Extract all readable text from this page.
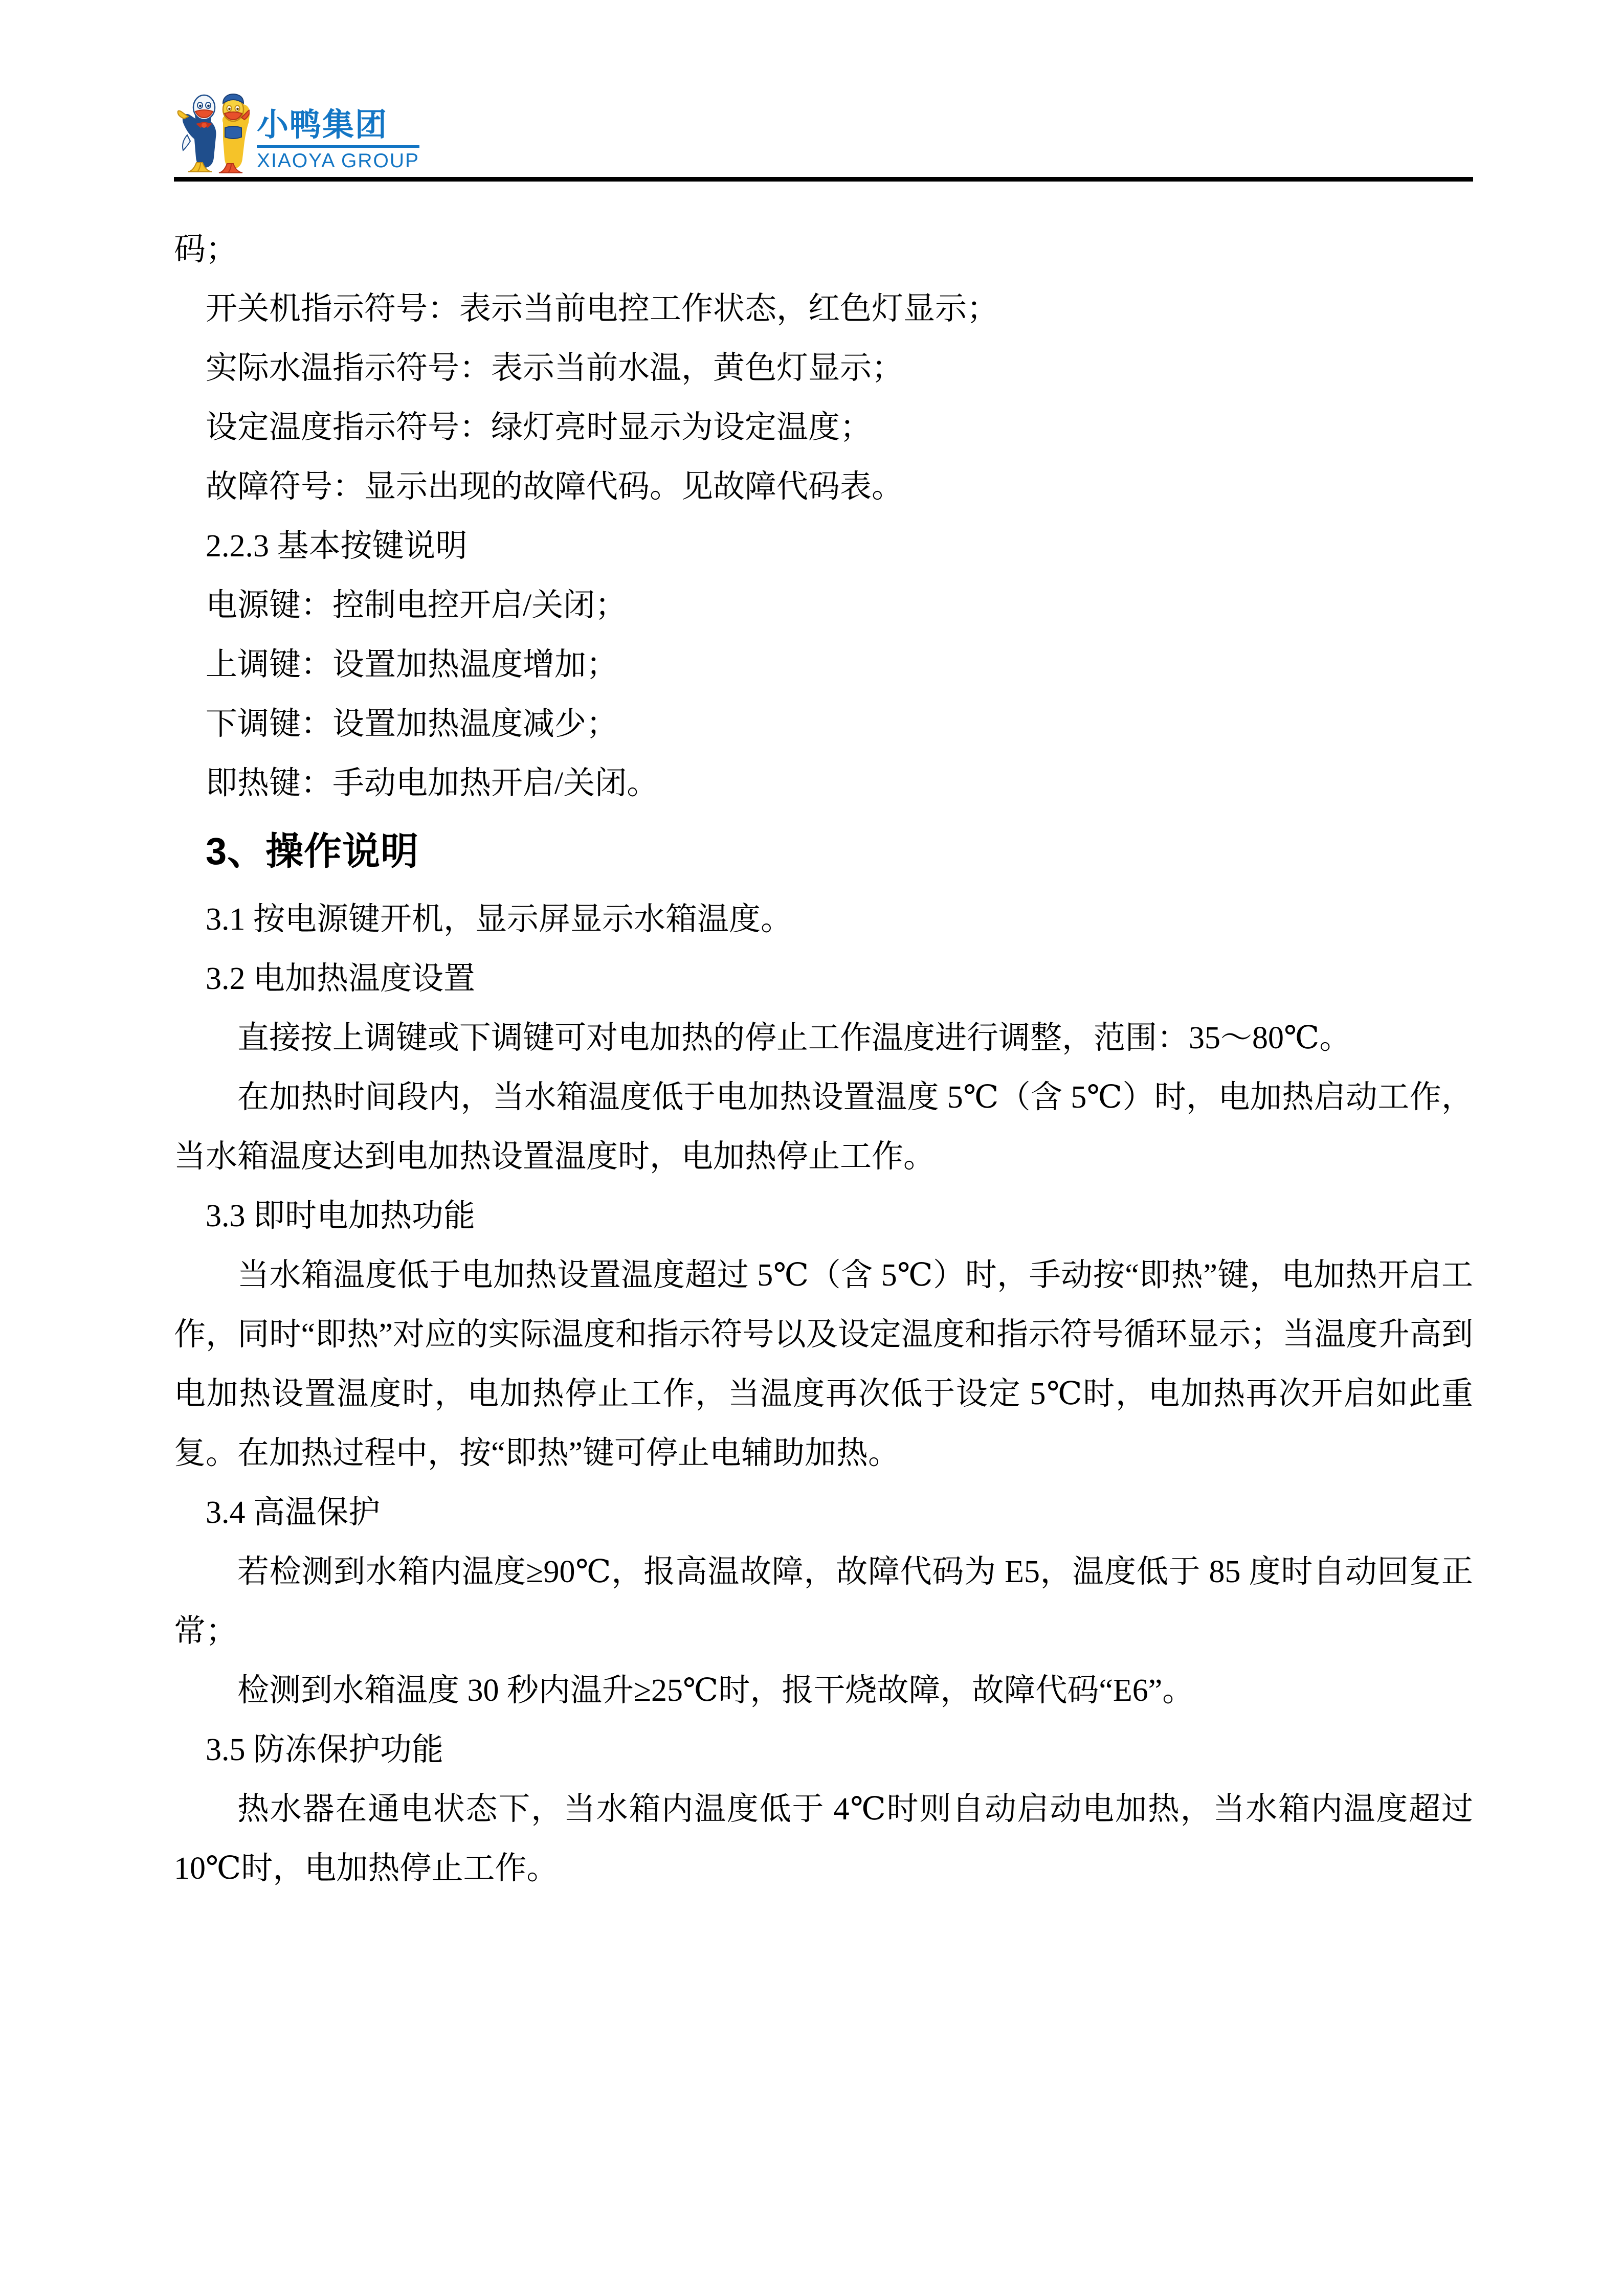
小鸭集团
XIAOYA GROUP

码；

开关机指示符号：表示当前电控工作状态，红色灯显示；

实际水温指示符号：表示当前水温，黄色灯显示；

设定温度指示符号：绿灯亮时显示为设定温度；

故障符号：显示出现的故障代码。见故障代码表。

2.2.3 基本按键说明

电源键：控制电控开启/关闭；

上调键：设置加热温度增加；

下调键：设置加热温度减少；

即热键：手动电加热开启/关闭。

3、操作说明

3.1 按电源键开机，显示屏显示水箱温度。

3.2 电加热温度设置

直接按上调键或下调键可对电加热的停止工作温度进行调整，范围：35～80℃。

在加热时间段内，当水箱温度低于电加热设置温度 5℃（含 5℃）时，电加热启动工作，当水箱温度达到电加热设置温度时，电加热停止工作。

3.3 即时电加热功能

当水箱温度低于电加热设置温度超过 5℃（含 5℃）时，手动按“即热”键，电加热开启工作，同时“即热”对应的实际温度和指示符号以及设定温度和指示符号循环显示；当温度升高到电加热设置温度时，电加热停止工作，当温度再次低于设定 5℃时，电加热再次开启如此重复。在加热过程中，按“即热”键可停止电辅助加热。

3.4 高温保护

若检测到水箱内温度≥90℃，报高温故障，故障代码为 E5，温度低于 85 度时自动回复正常；

检测到水箱温度 30 秒内温升≥25℃时，报干烧故障，故障代码“E6”。

3.5 防冻保护功能

热水器在通电状态下，当水箱内温度低于 4℃时则自动启动电加热，当水箱内温度超过 10℃时，电加热停止工作。
